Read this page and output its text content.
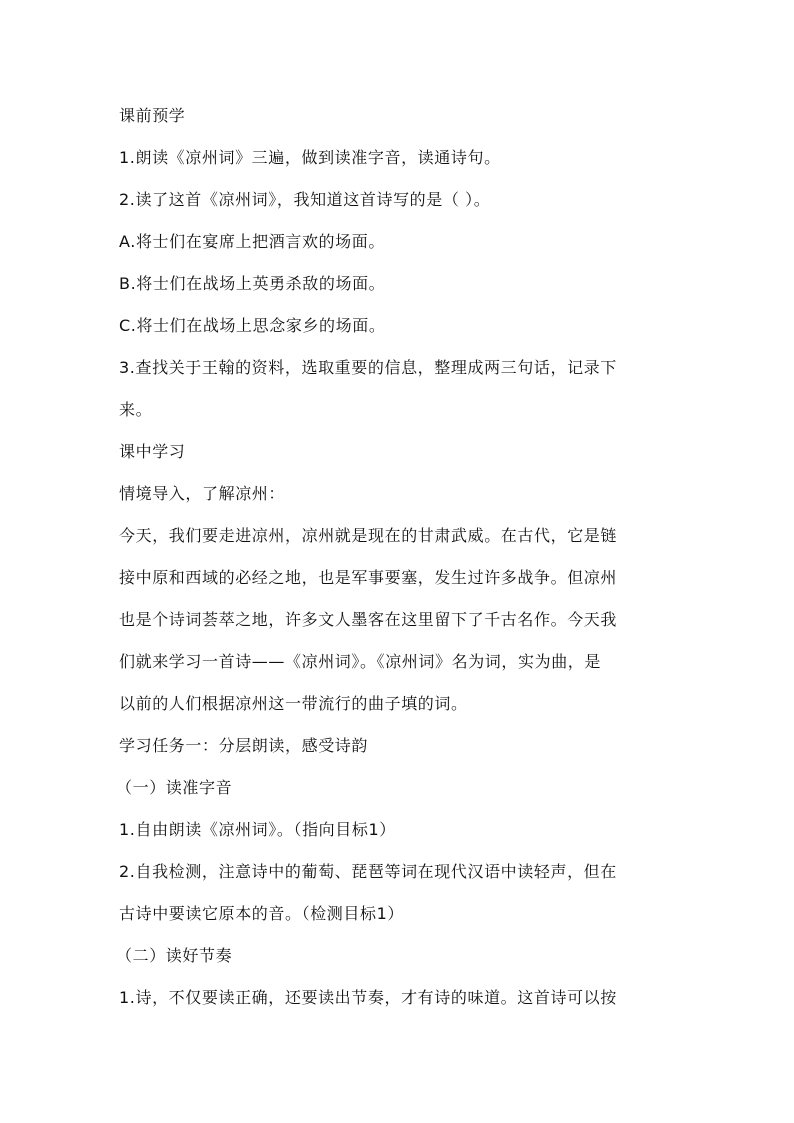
课前预学
1.朗读《凉州词》三遍，做到读准字音，读通诗句。
2.读了这首《凉州词》，我知道这首诗写的是（ ）。
A.将士们在宴席上把酒言欢的场面。
B.将士们在战场上英勇杀敌的场面。
C.将士们在战场上思念家乡的场面。
3.查找关于王翰的资料，选取重要的信息，整理成两三句话，记录下
来。
课中学习
情境导入，了解凉州：
今天，我们要走进凉州，凉州就是现在的甘肃武威。在古代，它是链
接中原和西域的必经之地，也是军事要塞，发生过许多战争。但凉州
也是个诗词荟萃之地，许多文人墨客在这里留下了千古名作。今天我
们就来学习一首诗——《凉州词》。《凉州词》名为词，实为曲，是
以前的人们根据凉州这一带流行的曲子填的词。
学习任务一：分层朗读，感受诗韵
（一）读准字音
1.自由朗读《凉州词》。（指向目标1）
2.自我检测，注意诗中的葡萄、琵琶等词在现代汉语中读轻声，但在
古诗中要读它原本的音。（检测目标1）
（二）读好节奏
1.诗，不仅要读正确，还要读出节奏，才有诗的味道。这首诗可以按
